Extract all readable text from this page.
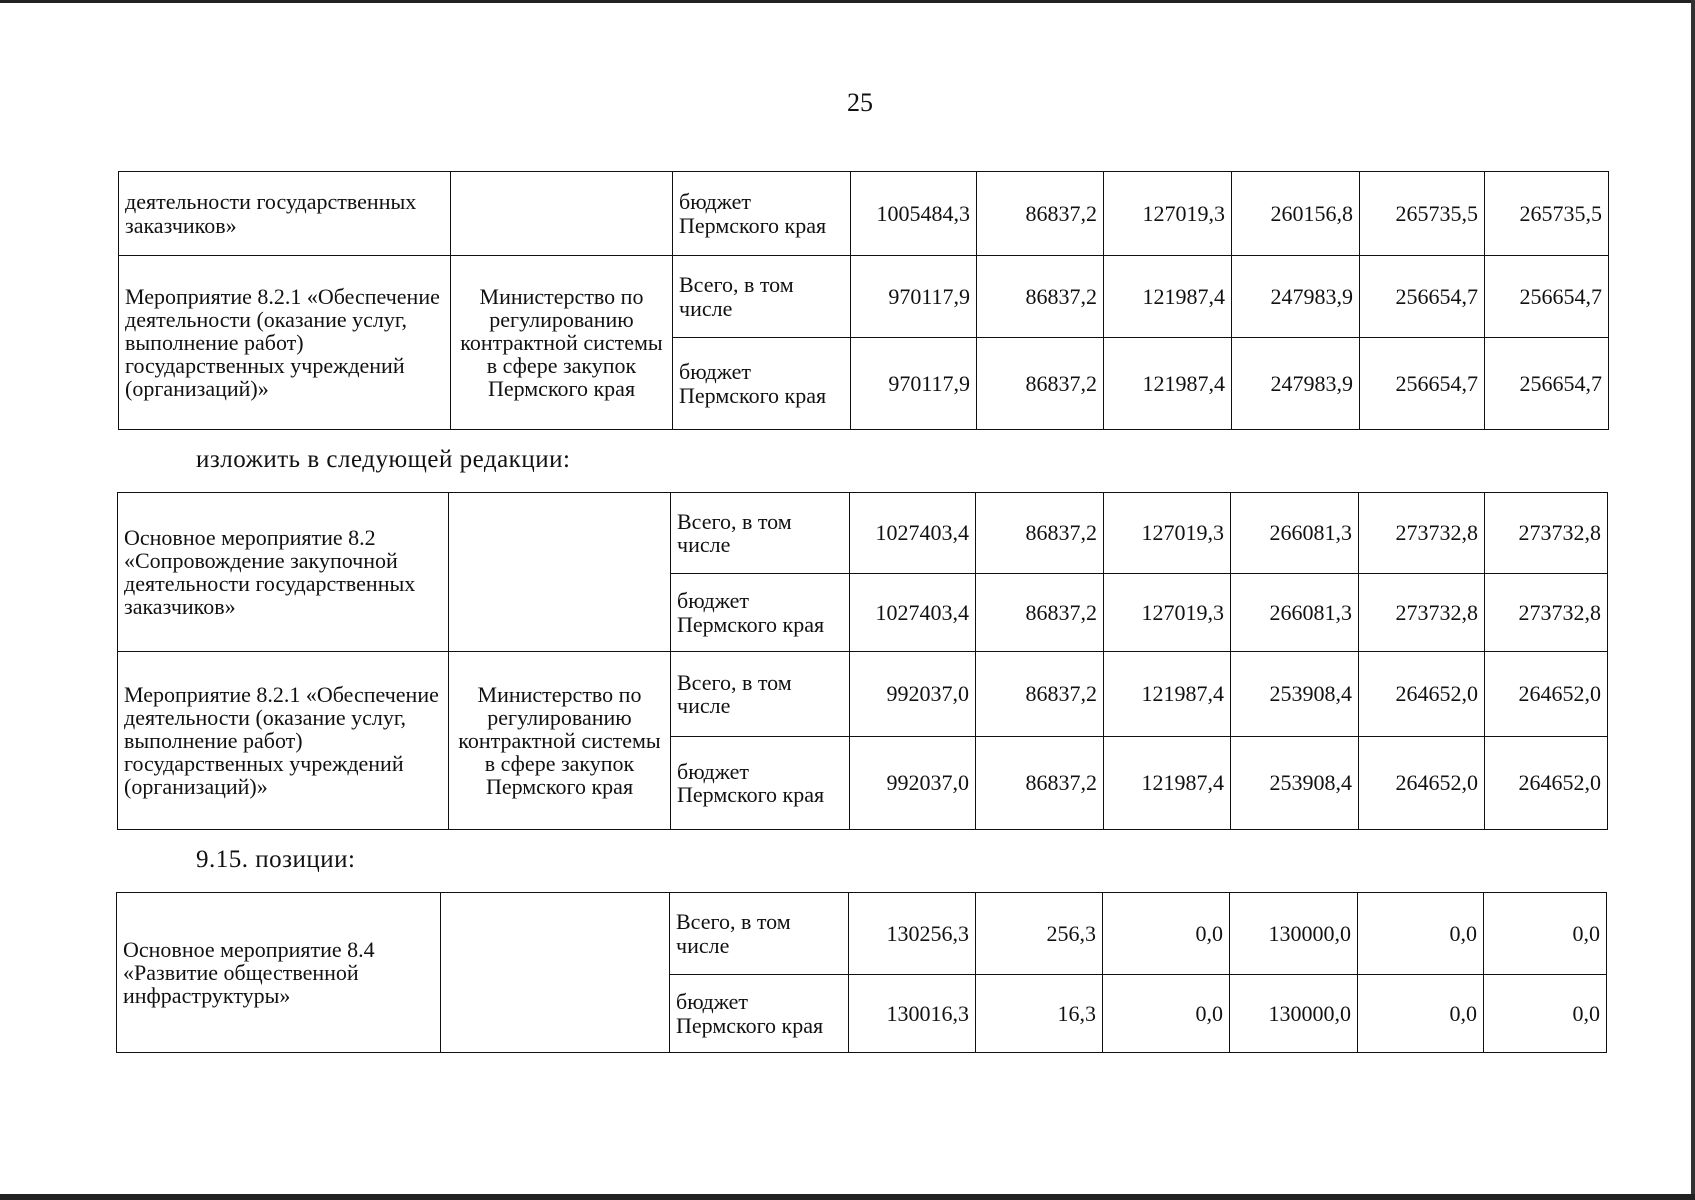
25
деятельности государственных заказчиков»		бюджет Пермского края	1005484,3	86837,2	127019,3	260156,8	265735,5	265735,5
Мероприятие 8.2.1 «Обеспечение деятельности (оказание услуг, выполнение работ) государственных учреждений (организаций)»	Министерство по регулированию контрактной системы в сфере закупок Пермского края	Всего, в том числе	970117,9	86837,2	121987,4	247983,9	256654,7	256654,7
		бюджет Пермского края	970117,9	86837,2	121987,4	247983,9	256654,7	256654,7
изложить в следующей редакции:
Основное мероприятие 8.2 «Сопровождение закупочной деятельности государственных заказчиков»		Всего, в том числе	1027403,4	86837,2	127019,3	266081,3	273732,8	273732,8
		бюджет Пермского края	1027403,4	86837,2	127019,3	266081,3	273732,8	273732,8
Мероприятие 8.2.1 «Обеспечение деятельности (оказание услуг, выполнение работ) государственных учреждений (организаций)»	Министерство по регулированию контрактной системы в сфере закупок Пермского края	Всего, в том числе	992037,0	86837,2	121987,4	253908,4	264652,0	264652,0
		бюджет Пермского края	992037,0	86837,2	121987,4	253908,4	264652,0	264652,0
9.15. позиции:
Основное мероприятие 8.4 «Развитие общественной инфраструктуры»		Всего, в том числе	130256,3	256,3	0,0	130000,0	0,0	0,0
		бюджет Пермского края	130016,3	16,3	0,0	130000,0	0,0	0,0
